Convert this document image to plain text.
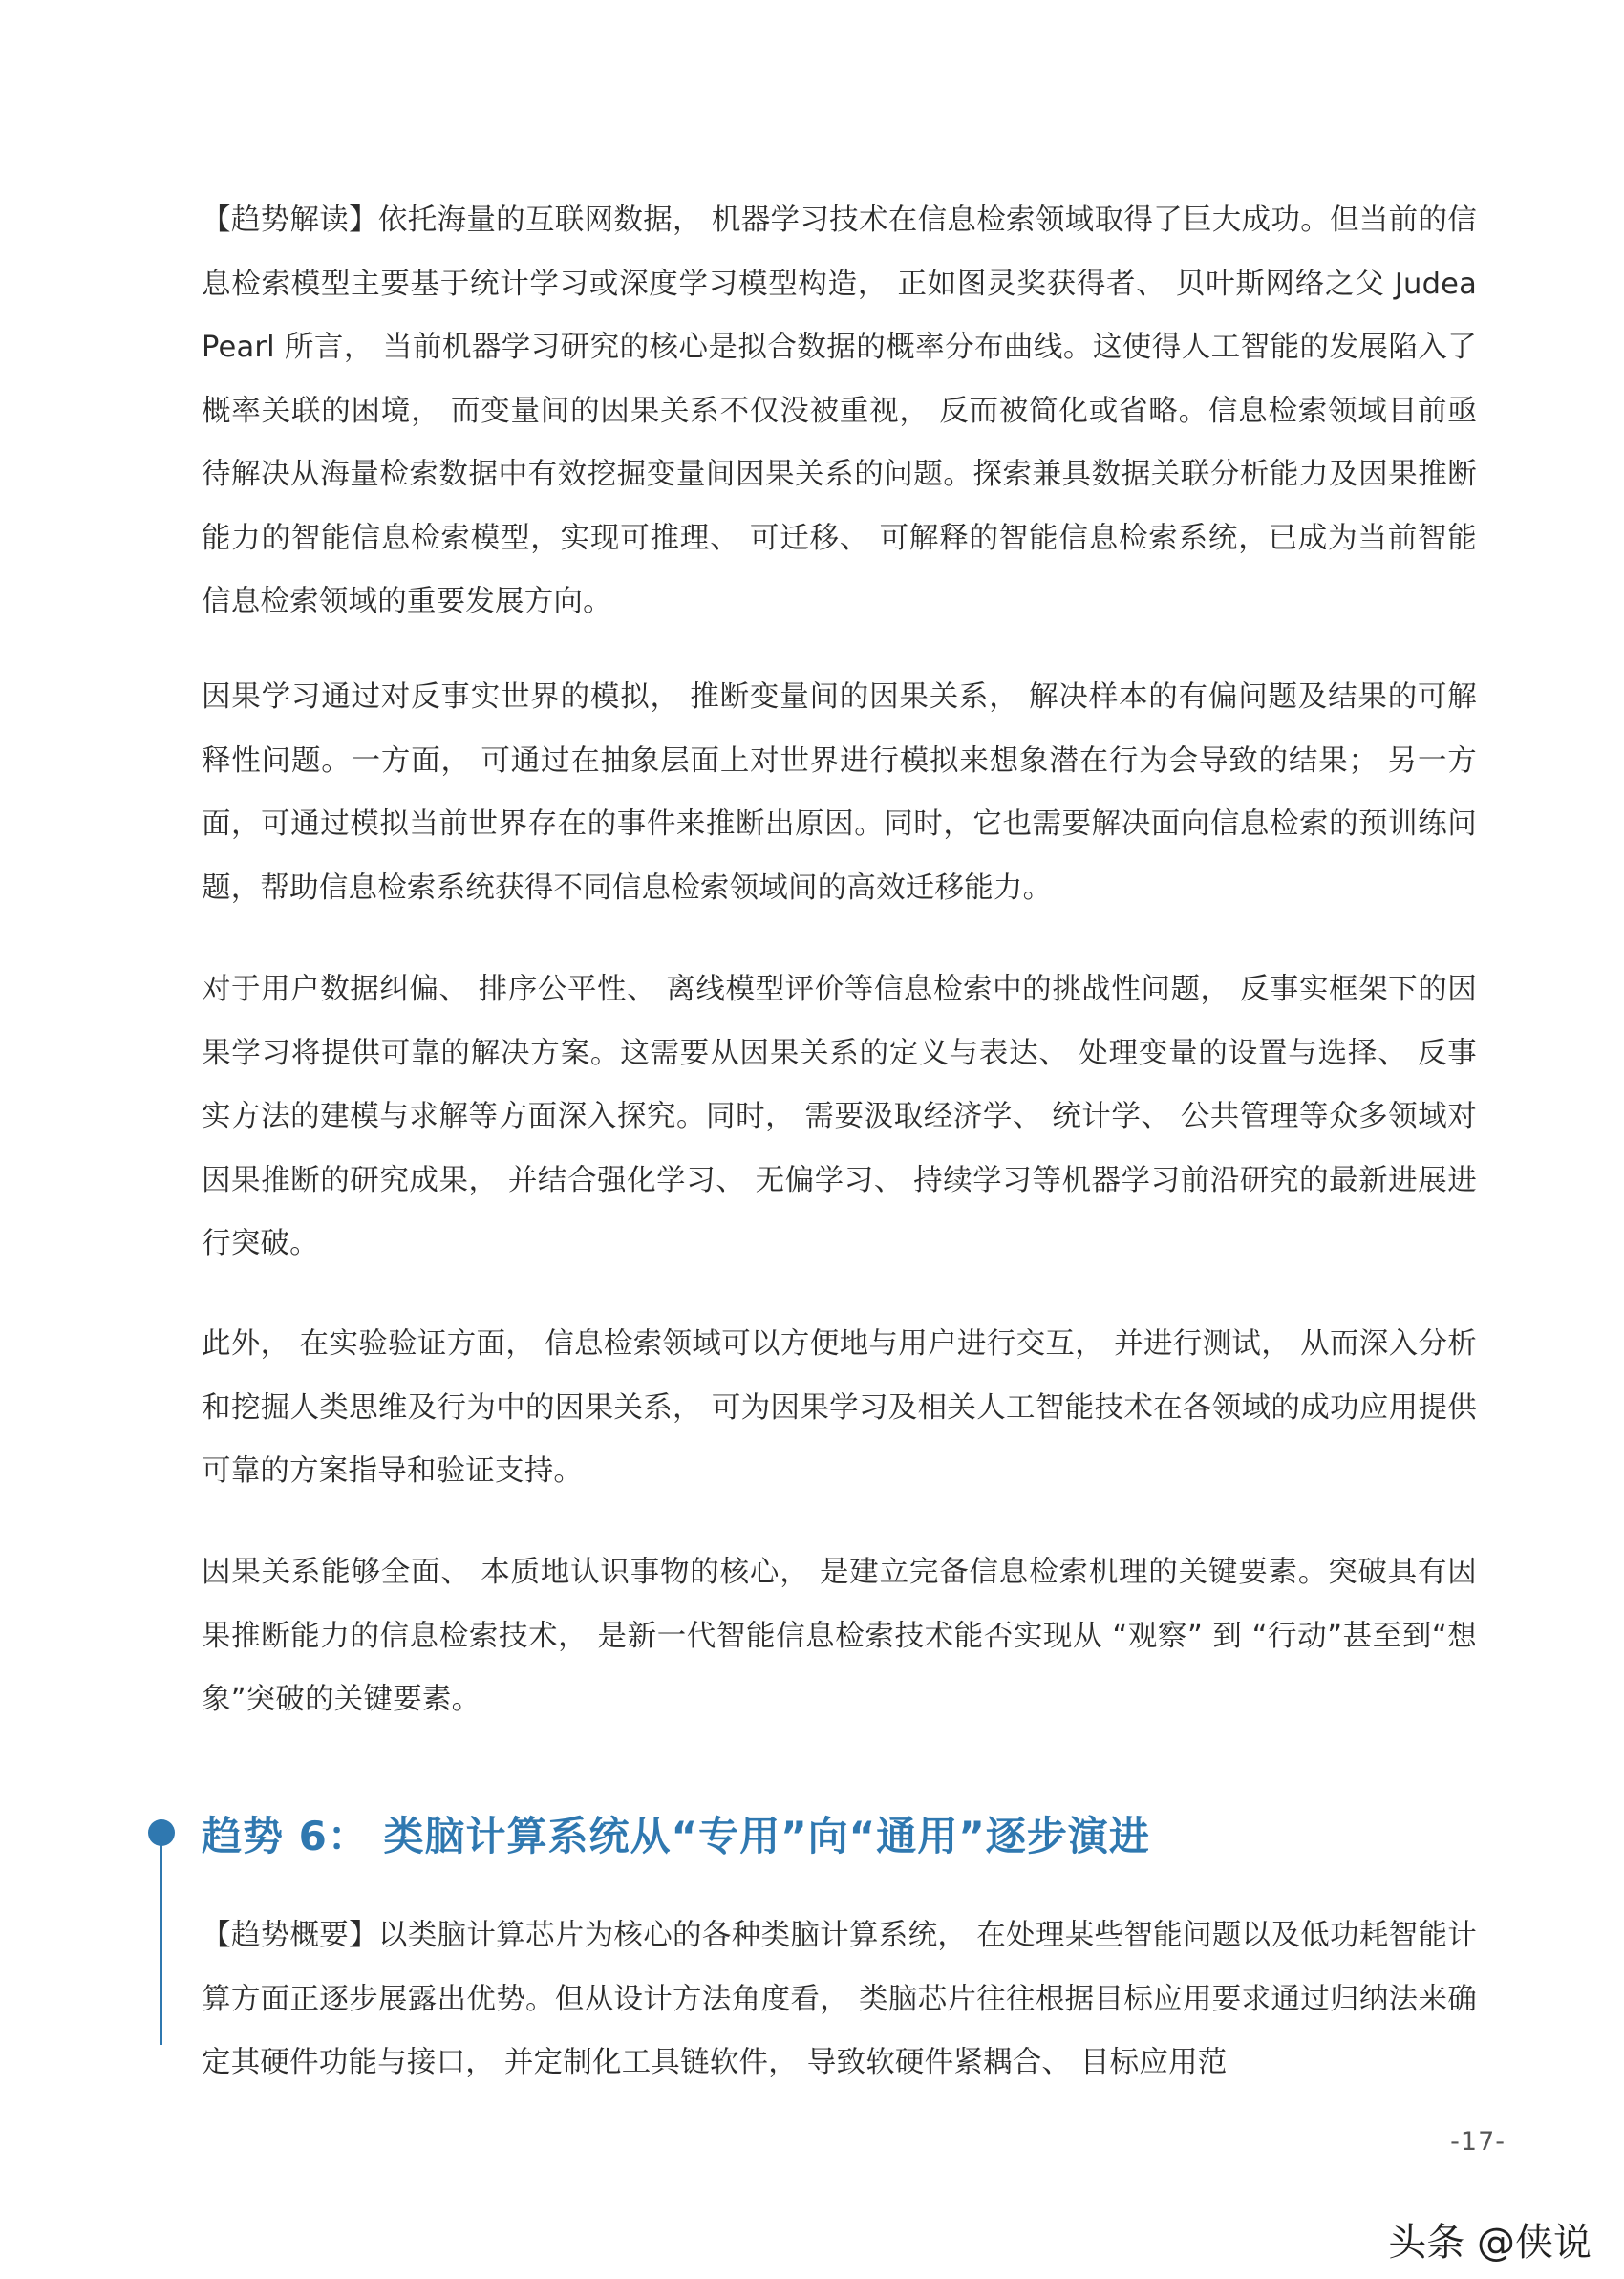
【趋势解读】依托海量的互联网数据， 机器学习技术在信息检索领域取得了巨大成功。但当前的信息检索模型主要基于统计学习或深度学习模型构造， 正如图灵奖获得者、 贝叶斯网络之父 Judea Pearl 所言， 当前机器学习研究的核心是拟合数据的概率分布曲线。这使得人工智能的发展陷入了概率关联的困境， 而变量间的因果关系不仅没被重视， 反而被简化或省略。信息检索领域目前亟待解决从海量检索数据中有效挖掘变量间因果关系的问题。探索兼具数据关联分析能力及因果推断能力的智能信息检索模型，实现可推理、 可迁移、 可解释的智能信息检索系统，已成为当前智能信息检索领域的重要发展方向。

因果学习通过对反事实世界的模拟， 推断变量间的因果关系， 解决样本的有偏问题及结果的可解释性问题。一方面， 可通过在抽象层面上对世界进行模拟来想象潜在行为会导致的结果； 另一方面，可通过模拟当前世界存在的事件来推断出原因。同时，它也需要解决面向信息检索的预训练问题，帮助信息检索系统获得不同信息检索领域间的高效迁移能力。

对于用户数据纠偏、 排序公平性、 离线模型评价等信息检索中的挑战性问题， 反事实框架下的因果学习将提供可靠的解决方案。这需要从因果关系的定义与表达、 处理变量的设置与选择、 反事实方法的建模与求解等方面深入探究。同时， 需要汲取经济学、 统计学、 公共管理等众多领域对因果推断的研究成果， 并结合强化学习、 无偏学习、 持续学习等机器学习前沿研究的最新进展进行突破。

此外， 在实验验证方面， 信息检索领域可以方便地与用户进行交互， 并进行测试， 从而深入分析和挖掘人类思维及行为中的因果关系， 可为因果学习及相关人工智能技术在各领域的成功应用提供可靠的方案指导和验证支持。

因果关系能够全面、 本质地认识事物的核心， 是建立完备信息检索机理的关键要素。突破具有因果推断能力的信息检索技术， 是新一代智能信息检索技术能否实现从 “观察” 到 “行动”甚至到“想象”突破的关键要素。

趋势 6： 类脑计算系统从“专用”向“通用”逐步演进

【趋势概要】以类脑计算芯片为核心的各种类脑计算系统， 在处理某些智能问题以及低功耗智能计算方面正逐步展露出优势。但从设计方法角度看， 类脑芯片往往根据目标应用要求通过归纳法来确定其硬件功能与接口， 并定制化工具链软件， 导致软硬件紧耦合、 目标应用范

-17-
头条 @侠说
